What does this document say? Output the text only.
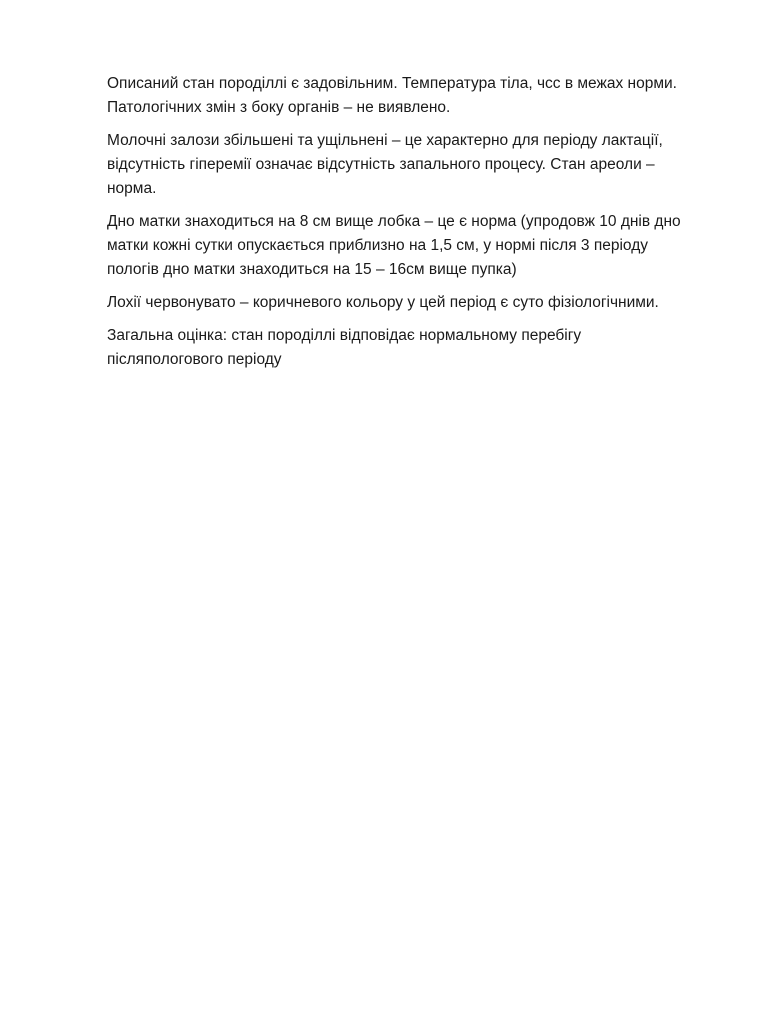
Описаний стан породіллі є задовільним. Температура тіла, чсс в межах норми.
Патологічних змін з боку органів – не виявлено.

Молочні залози збільшені та ущільнені – це характерно для періоду лактації,
відсутність гіперемії означає відсутність запального процесу. Стан ареоли –
норма.

Дно матки знаходиться на 8 см вище лобка – це є норма (упродовж 10 днів дно
матки кожні сутки опускається приблизно на 1,5 см, у нормі після 3 періоду
пологів дно матки знаходиться на 15 – 16см вище пупка)

Лохії червонувато – коричневого кольору у цей період є суто фізіологічними.

Загальна оцінка: стан породіллі відповідає нормальному перебігу
післяпологового періоду
